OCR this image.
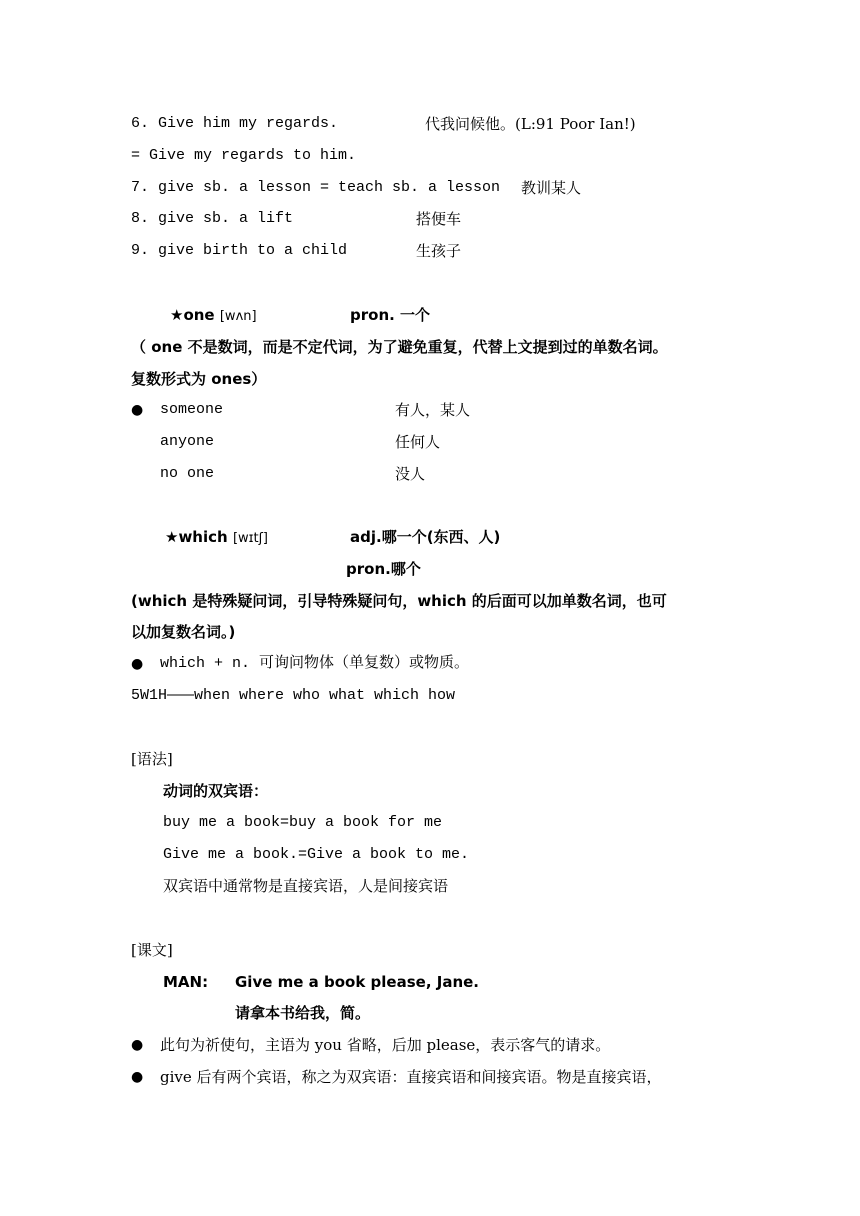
6. Give him my regards.	代我问候他。(L:91 Poor Ian!)
= Give my regards to him.
7. give sb. a lesson = teach sb. a lesson 教训某人
8. give sb. a lift	搭便车
9. give birth to a child	生孩子
★one [wʌn]	pron. 一个
（ one 不是数词，而是不定代词，为了避免重复，代替上文提到过的单数名词。
复数形式为 ones）
● someone	有人，某人
anyone	任何人
no one	没人
★which [wɪtʃ]	adj.哪一个(东西、人)
pron.哪个
(which 是特殊疑问词，引导特殊疑问句，which 的后面可以加单数名词，也可
以加复数名词。)
● which + n. 可询问物体（单复数）或物质。
5W1H———when where who what which how
[语法]
动词的双宾语：
buy me a book=buy a book for me
Give me a book.=Give a book to me.
双宾语中通常物是直接宾语，人是间接宾语
[课文]
MAN: Give me a book please, Jane.
请拿本书给我，简。
● 此句为祈使句，主语为 you 省略，后加 please，表示客气的请求。
● give 后有两个宾语，称之为双宾语：直接宾语和间接宾语。物是直接宾语，
